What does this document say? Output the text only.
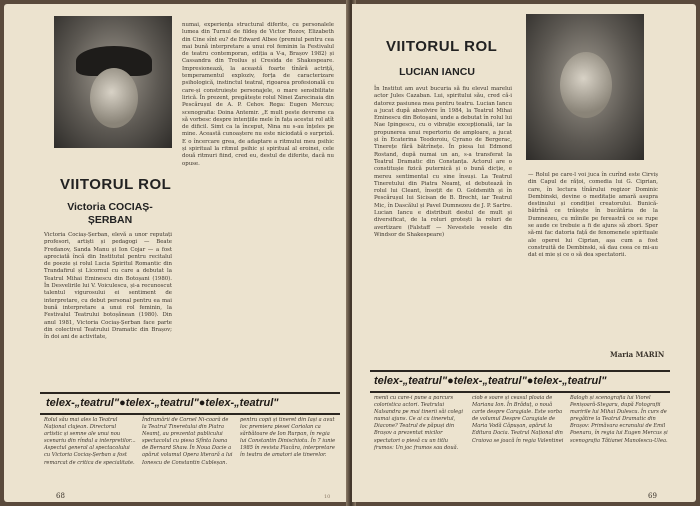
VIITORUL ROL
Victoria COCIAȘ-
ȘERBAN
Victoria Cociaș-Șerban, elevă a unor reputați profesori, artiști și pedagogi — Beate Fredanov, Sanda Manu și Ion Cojar — a fost apreciată încă din Institutul pentru recitalul de poezie și rolul Lucia Spiritul Romantic din Trandafirul și Licornul cu care a debutat la Teatrul Mihai Eminescu din Botoșani (1980). În Desvelirile lui V. Voiculescu, și-a recunoscut talentul vigurosului ei sentiment de interpretare, cu debut personal pentru ea mai bună interpretare a unui rol feminin, la Festivalul Teatrului botoșănean (1980). Din anul 1981, Victoria Cociaș-Șerban face parte din colectivul Teatrului Dramatic din Brașov; în doi ani de activitate,
numai, experiența structural diferite, cu personalele lumea din Turnul de fildeș de Victor Rozov, Elizabeth din Cine sînt eu? de Edward Albee (premiul pentru cea mai bună interpretare a unui rol feminin la Festivalul de teatru contemporan, ediția a V-a, Brașov 1982) și Cassandra din Troilus și Cresida de Shakespeare. Impresionează, la această foarte tînără actriță, temperamentul exploziv, forța de caracterizare psihologică, instinctul teatral, rigoarea profesională cu care-și construiește personajele, o mare sensibilitate lirică. În prezent, pregătește rolul Ninei Zarecinaia din Pescărușul de A. P. Cehov. Rega: Eugen Mercus; scenografia: Doina Antemir. „E mult peste devreme ca să vorbesc despre intențiile mele în fața acestui rol atît de dificil. Simt ca la început, Nina nu s-au înțeles pe mine. Această cunoaștere nu este niciodată o surpriză. E o încercare grea, de adaptare a ritmului meu psihic și spiritual la ritmul psihic și spiritual al eroinei, cele două ritmuri fiind, cred eu, destul de diferite, dacă nu opuse.
telex-„teatrul"●telex-„teatrul"●telex-„teatrul"
Rolul său mai ales la Teatrul Național clujean. Directorul artistic și semne ale unui nou scenariu din rîndul a interpretilor... Aspectul general al spectacolului cu Victoria Cociaș-Șerban a fost remarcat de critica de specialitate.
Îndrumării de Cornel Ni-coară de la Teatrul Tineretului din Piatra Neamț, au prezentat publicului spectacolul cu piesa Sfînta Ioana de Bernard Shaw. În Noua Dacie a apărut volumul Opera literară a lui Ionescu de Constantin Cubleșan.
pentru copii și tineret din Iași a avut loc premiera piesei Coriolan ca sărbătoare de Ion Rurpan, în regia lui Constantin Dinischiotu. În 7 iunie 1985 în revista Flacăra, interpretare în teatru de amatori ale tinerelor.
68	10
VIITORUL ROL
LUCIAN IANCU
În Institut am avut bucuria să fiu elevul marelui actor Jules Cazaban. Lui, spiritului său, cred că-i datorez pasiunea mea pentru teatru. Lucian Iancu a jucat după absolvire în 1984, la Teatrul Mihai Eminescu din Botoșani, unde a debutat în rolul lui Nae Ipingescu, cu o vibrație excepțională, iar la propunerea unui repertoriu de amploare, a jucat și în Ecaterina Teodoroiu, Cyrano de Bergerac, Tinerețe fără bătrînețe. În piesa lui Edmond Rostand, după numai un an, s-a transferat la Teatrul Dramatic din Constanța. Actorul are o constitușie fizică puternică și o bună dicție, e mereu sentimental cu sine însuși. La Teatrul Tineretului din Piatra Neamț, el debutează în rolul lui Cleant, însoțit de O. Goldsmith și în Pescărușul lui Sicisan de B. Brecht, iar Teatrul Mic, în Dascălul și Pavel Dumnezeu de J. P. Sartre. Lucian Iancu e distribuit destul de mult și diversificat, de la roluri grotești la roluri de avertizare (Falstaff — Nevestele vesele din Windsor de Shakespeare)
— Rolul pe care-l voi juca în curînd este Cirviș din Capul de rățoi, comedia lui G. Ciprian, care, în lectura tînărului regizor Dominic Dembinski, devine o meditație amară asupra destinului și condiției creatorului. Bunică-bătrînă ce trăiește în bucătăria de la Dumnezeu, cu mîinile pe fereastră ce se rupe se aude ce trebuie a fi de ajuns să zbori. Sper să-mi fac datoria față de fenomenele spirituale ale operei lui Ciprian, așa cum a fost construită de Dembinski, să dau ceea ce mi-au dat ei mie și ce o să dea spectatorii.
Maria MARIN
telex-„teatrul"●telex-„teatrul"●telex-„teatrul"
menii cu care-i pune a parcurs coloristica actori. Teatrului Nalsandra pe mai tinerii săi colegi numai ajuns. Ce ai cu tineretul, Diacone? Teatrul de păpuși din Brașov a prezentat micilor spectatori o piesă cu un titlu frumos: Un joc frumos sau două.
ciob e soare și ceasul ploaia de Mariana Ion. În Brăduț, o nouă carte despre Caragiale. Este vorba de volumul Despre Caragiale de Maria Vodă Căpușan, apărut la Editura Dacia. Teatrul Național din Craiova se joacă în regia Valentinei
Balogh și scenografia lui Viorel Penișoară-Stegaru, după Fotografii maririle lui Mihai Dulescu. În curs de pregătire la Teatrul Dramatic din Brașov: Primăvara ecranului de Emil Poenaru, în regia lui Eugen Mercus și scenografia Tătianei Manolescu-Ulea.
69
